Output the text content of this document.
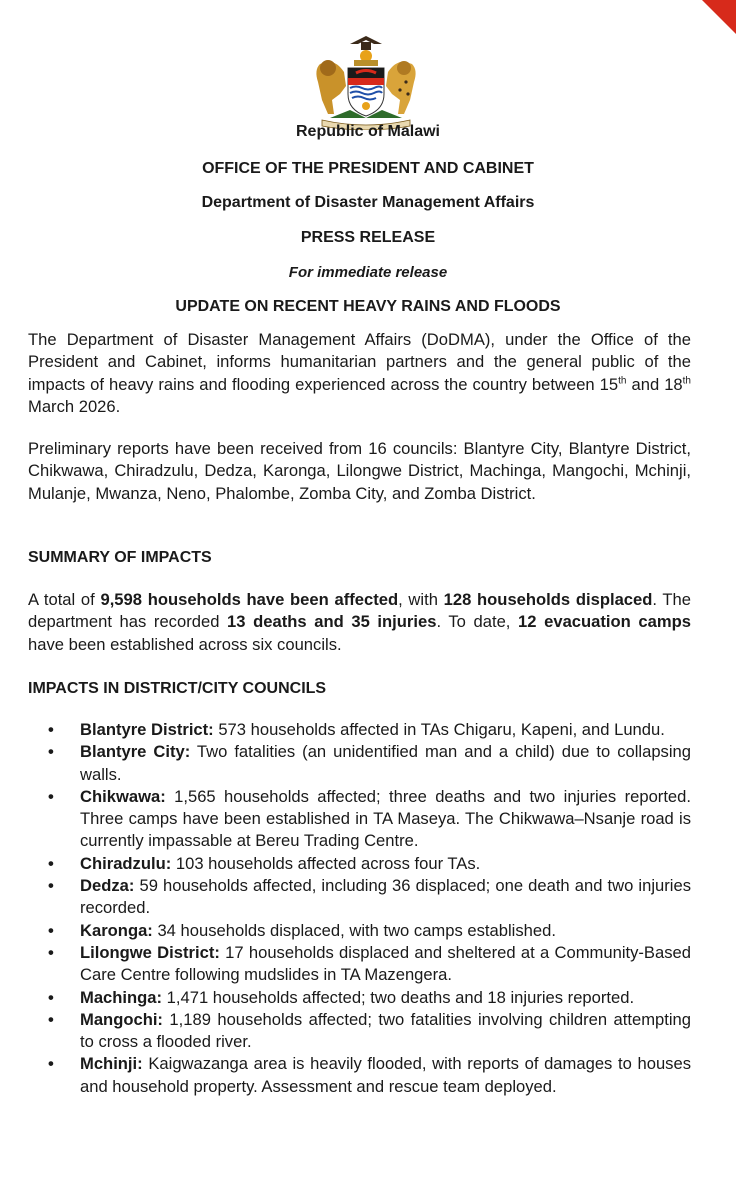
Republic of Malawi
OFFICE OF THE PRESIDENT AND CABINET
Department of Disaster Management Affairs
PRESS RELEASE
For immediate release
UPDATE ON RECENT HEAVY RAINS AND FLOODS

The Department of Disaster Management Affairs (DoDMA), under the Office of the President and Cabinet, informs humanitarian partners and the general public of the impacts of heavy rains and flooding experienced across the country between 15th and 18th March 2026.

Preliminary reports have been received from 16 councils: Blantyre City, Blantyre District, Chikwawa, Chiradzulu, Dedza, Karonga, Lilongwe District, Machinga, Mangochi, Mchinji, Mulanje, Mwanza, Neno, Phalombe, Zomba City, and Zomba District.

SUMMARY OF IMPACTS

A total of 9,598 households have been affected, with 128 households displaced. The department has recorded 13 deaths and 35 injuries. To date, 12 evacuation camps have been established across six councils.

IMPACTS IN DISTRICT/CITY COUNCILS
• Blantyre District: 573 households affected in TAs Chigaru, Kapeni, and Lundu.
• Blantyre City: Two fatalities (an unidentified man and a child) due to collapsing walls.
• Chikwawa: 1,565 households affected; three deaths and two injuries reported. Three camps have been established in TA Maseya. The Chikwawa–Nsanje road is currently impassable at Bereu Trading Centre.
• Chiradzulu: 103 households affected across four TAs.
• Dedza: 59 households affected, including 36 displaced; one death and two injuries recorded.
• Karonga: 34 households displaced, with two camps established.
• Lilongwe District: 17 households displaced and sheltered at a Community-Based Care Centre following mudslides in TA Mazengera.
• Machinga: 1,471 households affected; two deaths and 18 injuries reported.
• Mangochi: 1,189 households affected; two fatalities involving children attempting to cross a flooded river.
• Mchinji: Kaigwazanga area is heavily flooded, with reports of damages to houses and household property. Assessment and rescue team deployed.
